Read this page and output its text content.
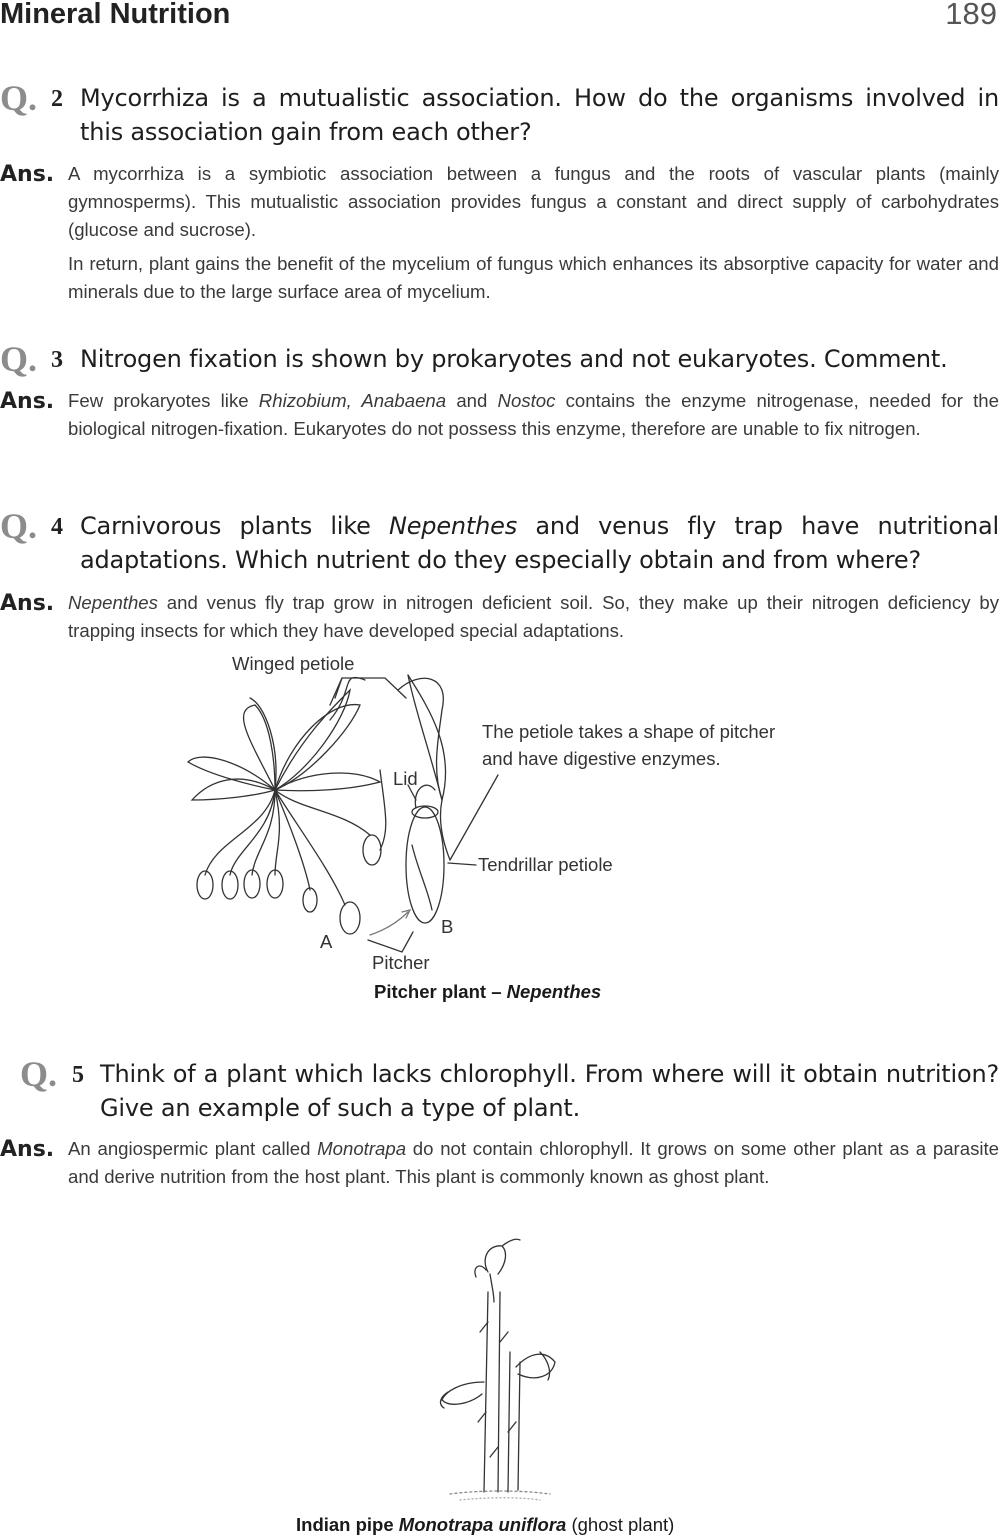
Mineral Nutrition	189
Q. 2 Mycorrhiza is a mutualistic association. How do the organisms involved in this association gain from each other?
Ans. A mycorrhiza is a symbiotic association between a fungus and the roots of vascular plants (mainly gymnosperms). This mutualistic association provides fungus a constant and direct supply of carbohydrates (glucose and sucrose).

In return, plant gains the benefit of the mycelium of fungus which enhances its absorptive capacity for water and minerals due to the large surface area of mycelium.

Q. 3 Nitrogen fixation is shown by prokaryotes and not eukaryotes. Comment.
Ans. Few prokaryotes like Rhizobium, Anabaena and Nostoc contains the enzyme nitrogenase, needed for the biological nitrogen-fixation. Eukaryotes do not possess this enzyme, therefore are unable to fix nitrogen.
Q. 4 Carnivorous plants like Nepenthes and venus fly trap have nutritional adaptations. Which nutrient do they especially obtain and from where?
Ans. Nepenthes and venus fly trap grow in nitrogen deficient soil. So, they make up their nitrogen deficiency by trapping insects for which they have developed special adaptations.
Winged petiole
The petiole takes a shape of pitcher
and have digestive enzymes.
Lid
Tendrillar petiole
A
B
Pitcher
Pitcher plant – Nepenthes
Q. 5 Think of a plant which lacks chlorophyll. From where will it obtain nutrition? Give an example of such a type of plant.
Ans. An angiospermic plant called Monotrapa do not contain chlorophyll. It grows on some other plant as a parasite and derive nutrition from the host plant. This plant is commonly known as ghost plant.
Indian pipe Monotrapa uniflora (ghost plant)
